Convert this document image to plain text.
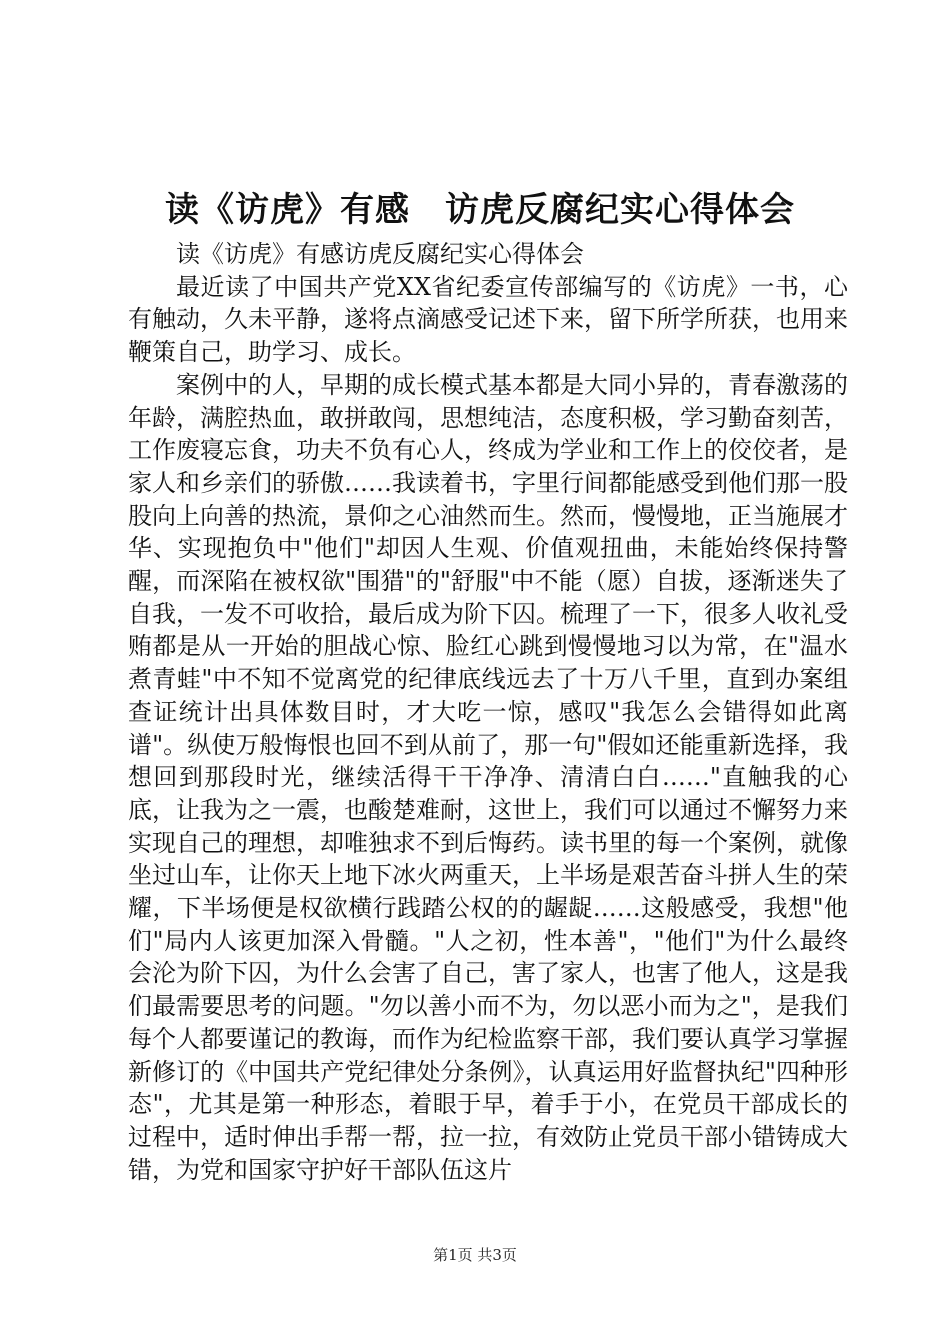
读《访虎》有感　访虎反腐纪实心得体会

读《访虎》有感访虎反腐纪实心得体会

最近读了中国共产党XX省纪委宣传部编写的《访虎》一书，心有触动，久未平静，遂将点滴感受记述下来，留下所学所获，也用来鞭策自己，助学习、成长。

案例中的人，早期的成长模式基本都是大同小异的，青春激荡的年龄，满腔热血，敢拼敢闯，思想纯洁，态度积极，学习勤奋刻苦，工作废寝忘食，功夫不负有心人，终成为学业和工作上的佼佼者，是家人和乡亲们的骄傲……我读着书，字里行间都能感受到他们那一股股向上向善的热流，景仰之心油然而生。然而，慢慢地，正当施展才华、实现抱负中"他们"却因人生观、价值观扭曲，未能始终保持警醒，而深陷在被权欲"围猎"的"舒服"中不能（愿）自拔，逐渐迷失了自我，一发不可收拾，最后成为阶下囚。梳理了一下，很多人收礼受贿都是从一开始的胆战心惊、脸红心跳到慢慢地习以为常，在"温水煮青蛙"中不知不觉离党的纪律底线远去了十万八千里，直到办案组查证统计出具体数目时，才大吃一惊，感叹"我怎么会错得如此离谱"。纵使万般悔恨也回不到从前了，那一句"假如还能重新选择，我想回到那段时光，继续活得干干净净、清清白白……"直触我的心底，让我为之一震，也酸楚难耐，这世上，我们可以通过不懈努力来实现自己的理想，却唯独求不到后悔药。读书里的每一个案例，就像坐过山车，让你天上地下冰火两重天，上半场是艰苦奋斗拼人生的荣耀，下半场便是权欲横行践踏公权的的龌龊……这般感受，我想"他们"局内人该更加深入骨髓。"人之初，性本善"，"他们"为什么最终会沦为阶下囚，为什么会害了自己，害了家人，也害了他人，这是我们最需要思考的问题。"勿以善小而不为，勿以恶小而为之"，是我们每个人都要谨记的教诲，而作为纪检监察干部，我们要认真学习掌握新修订的《中国共产党纪律处分条例》，认真运用好监督执纪"四种形态"，尤其是第一种形态，着眼于早，着手于小，在党员干部成长的过程中，适时伸出手帮一帮，拉一拉，有效防止党员干部小错铸成大错，为党和国家守护好干部队伍这片

第1页 共3页
